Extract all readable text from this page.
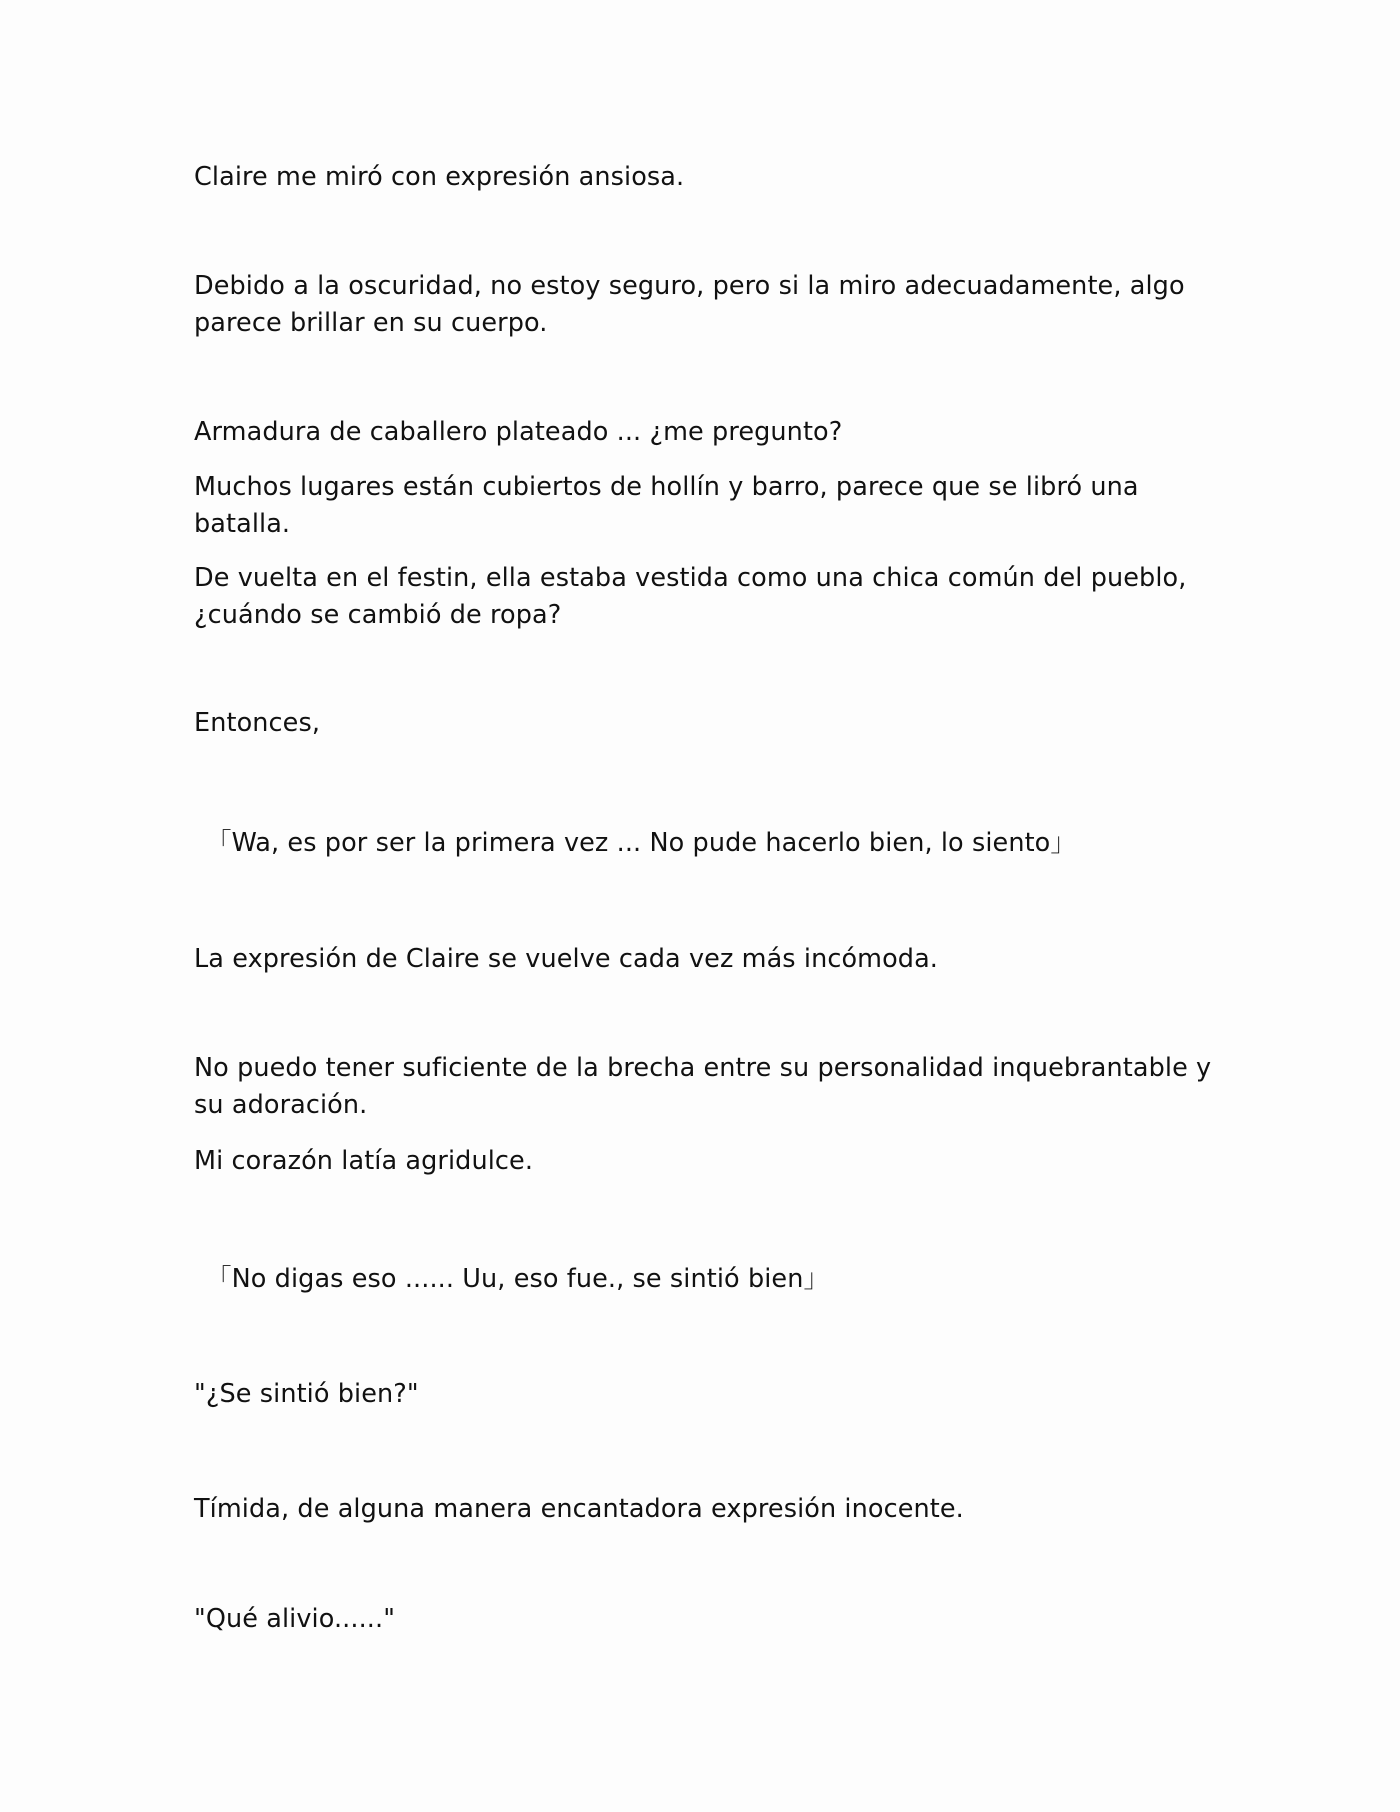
Claire me miró con expresión ansiosa.

Debido a la oscuridad, no estoy seguro, pero si la miro adecuadamente, algo parece brillar en su cuerpo.

Armadura de caballero plateado ... ¿me pregunto?

Muchos lugares están cubiertos de hollín y barro, parece que se libró una batalla.

De vuelta en el festin, ella estaba vestida como una chica común del pueblo, ¿cuándo se cambió de ropa?

Entonces,

「Wa, es por ser la primera vez ... No pude hacerlo bien, lo siento」

La expresión de Claire se vuelve cada vez más incómoda.

No puedo tener suficiente de la brecha entre su personalidad inquebrantable y su adoración.

Mi corazón latía agridulce.

「No digas eso ...... Uu, eso fue., se sintió bien」

"¿Se sintió bien?"

Tímida, de alguna manera encantadora expresión inocente.

"Qué alivio......"
